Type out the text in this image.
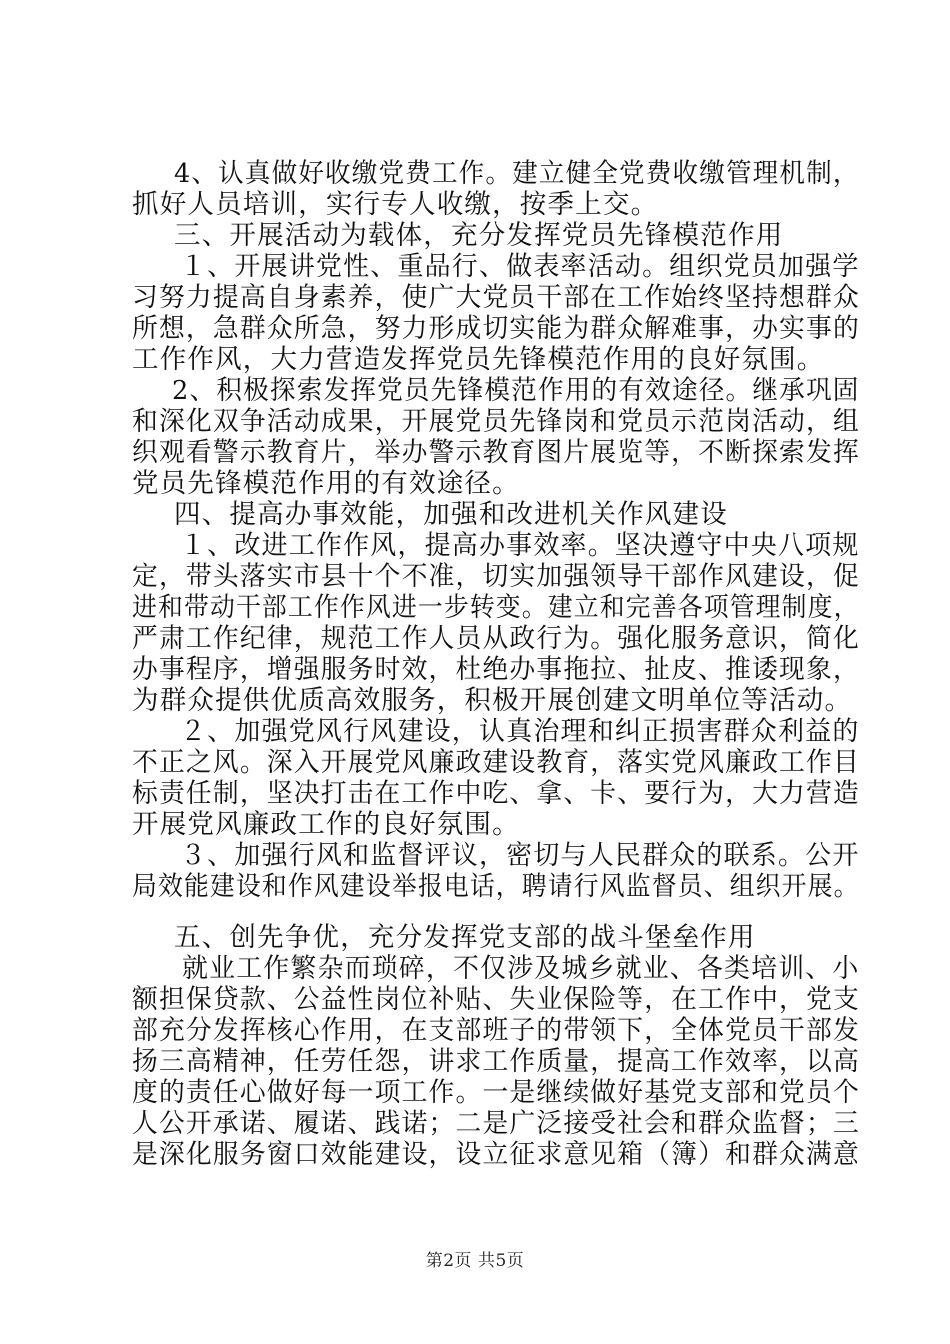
4、认真做好收缴党费工作。建立健全党费收缴管理机制，
抓好人员培训，实行专人收缴，按季上交。
三、开展活动为载体，充分发挥党员先锋模范作用
１、开展讲党性、重品行、做表率活动。组织党员加强学
习努力提高自身素养，使广大党员干部在工作始终坚持想群众
所想，急群众所急，努力形成切实能为群众解难事，办实事的
工作作风，大力营造发挥党员先锋模范作用的良好氛围。
2、积极探索发挥党员先锋模范作用的有效途径。继承巩固
和深化双争活动成果，开展党员先锋岗和党员示范岗活动，组
织观看警示教育片，举办警示教育图片展览等，不断探索发挥
党员先锋模范作用的有效途径。
四、提高办事效能，加强和改进机关作风建设
１、改进工作作风，提高办事效率。坚决遵守中央八项规
定，带头落实市县十个不准，切实加强领导干部作风建设，促
进和带动干部工作作风进一步转变。建立和完善各项管理制度，
严肃工作纪律，规范工作人员从政行为。强化服务意识，简化
办事程序，增强服务时效，杜绝办事拖拉、扯皮、推诿现象，
为群众提供优质高效服务，积极开展创建文明单位等活动。
２、加强党风行风建设，认真治理和纠正损害群众利益的
不正之风。深入开展党风廉政建设教育，落实党风廉政工作目
标责任制，坚决打击在工作中吃、拿、卡、要行为，大力营造
开展党风廉政工作的良好氛围。
３、加强行风和监督评议，密切与人民群众的联系。公开
局效能建设和作风建设举报电话，聘请行风监督员、组织开展。
五、创先争优，充分发挥党支部的战斗堡垒作用
就业工作繁杂而琐碎，不仅涉及城乡就业、各类培训、小
额担保贷款、公益性岗位补贴、失业保险等，在工作中，党支
部充分发挥核心作用，在支部班子的带领下，全体党员干部发
扬三高精神，任劳任怨，讲求工作质量，提高工作效率，以高
度的责任心做好每一项工作。一是继续做好基党支部和党员个
人公开承诺、履诺、践诺；二是广泛接受社会和群众监督；三
是深化服务窗口效能建设，设立征求意见箱（簿）和群众满意
第2页 共5页
